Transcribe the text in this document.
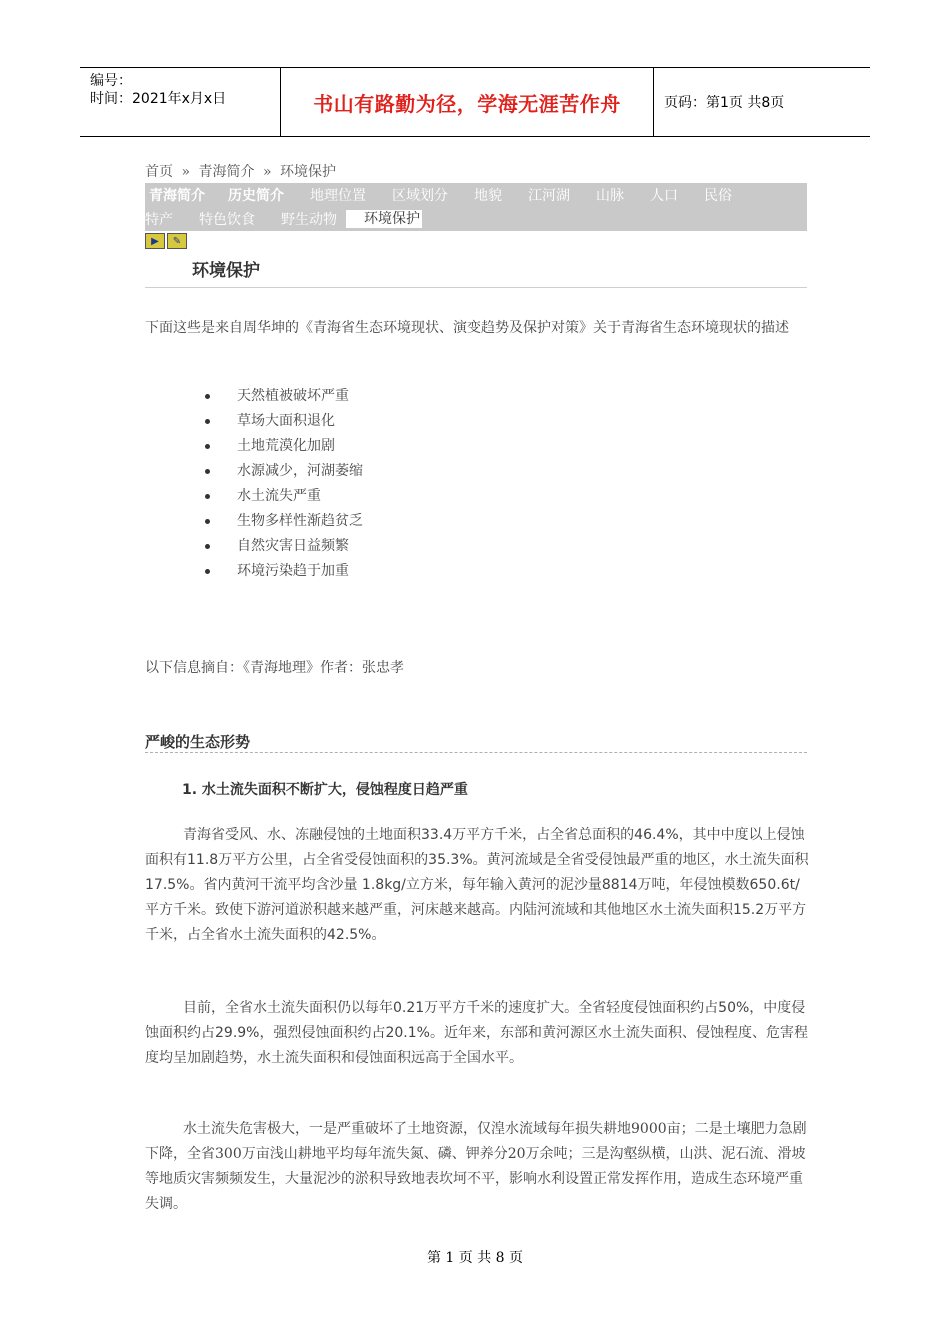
编号：
时间：2021年x月x日	书山有路勤为径，学海无涯苦作舟	页码：第1页 共8页
首页 » 青海简介 » 环境保护
青海简介 历史简介 地理位置 区域划分 地貌 江河湖 山脉 人口 民俗
特产 特色饮食 野生动物	环境保护
▶	✎
环境保护
下面这些是来自周华坤的《青海省生态环境现状、演变趋势及保护对策》关于青海省生态环境现状的描述
天然植被破坏严重
草场大面积退化
土地荒漠化加剧
水源减少，河湖萎缩
水土流失严重
生物多样性渐趋贫乏
自然灾害日益频繁
环境污染趋于加重
以下信息摘自：《青海地理》作者：张忠孝
严峻的生态形势
1. 水土流失面积不断扩大，侵蚀程度日趋严重
青海省受风、水、冻融侵蚀的土地面积33.4万平方千米，占全省总面积的46.4%，其中中度以上侵蚀面积有11.8万平方公里，占全省受侵蚀面积的35.3%。黄河流域是全省受侵蚀最严重的地区，水土流失面积17.5%。省内黄河干流平均含沙量 1.8kg/立方米，每年输入黄河的泥沙量8814万吨，年侵蚀模数650.6t/平方千米。致使下游河道淤积越来越严重，河床越来越高。内陆河流域和其他地区水土流失面积15.2万平方千米，占全省水土流失面积的42.5%。
目前，全省水土流失面积仍以每年0.21万平方千米的速度扩大。全省轻度侵蚀面积约占50%，中度侵蚀面积约占29.9%，强烈侵蚀面积约占20.1%。近年来，东部和黄河源区水土流失面积、侵蚀程度、危害程度均呈加剧趋势，水土流失面积和侵蚀面积远高于全国水平。
水土流失危害极大，一是严重破坏了土地资源，仅湟水流域每年损失耕地9000亩；二是土壤肥力急剧下降，全省300万亩浅山耕地平均每年流失氮、磷、钾养分20万余吨；三是沟壑纵横，山洪、泥石流、滑坡等地质灾害频频发生，大量泥沙的淤积导致地表坎坷不平，影响水利设置正常发挥作用，造成生态环境严重失调。
第 1 页 共 8 页
